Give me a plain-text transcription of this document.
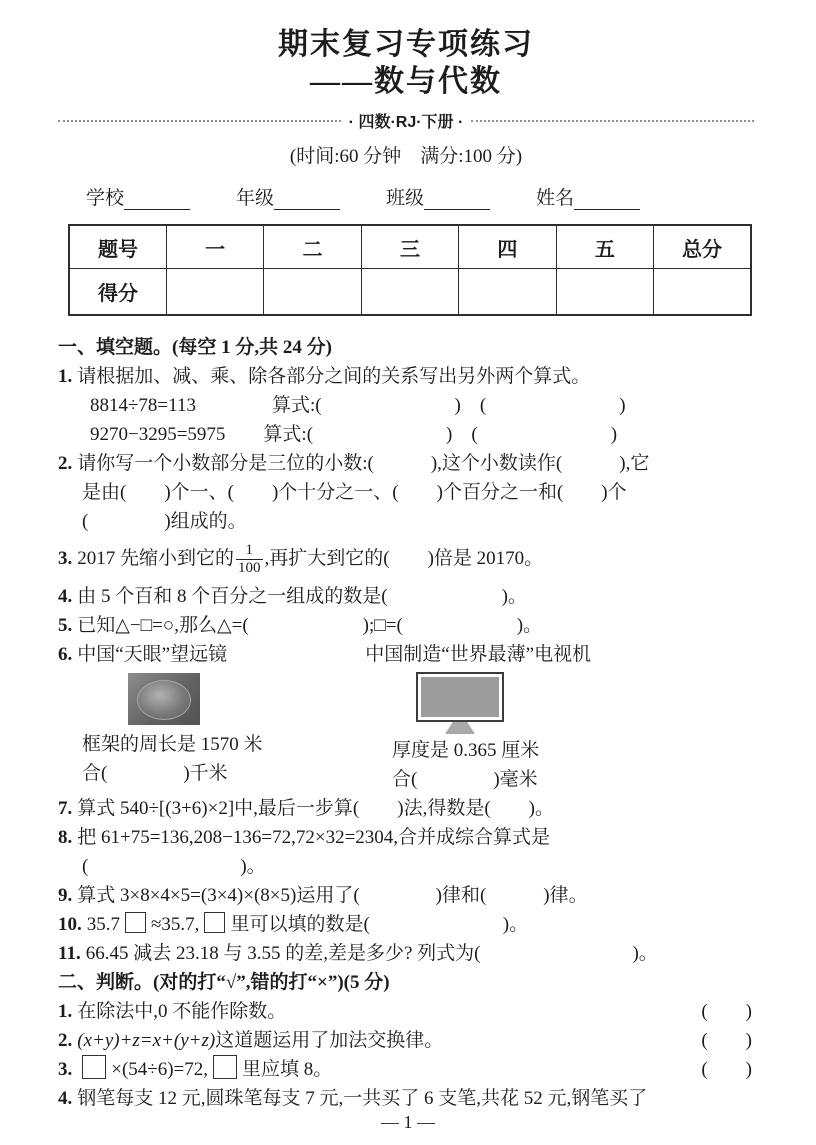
期末复习专项练习
——数与代数
· 四数·RJ·下册 ·
(时间:60 分钟　满分:100 分)
学校	年级	班级	姓名
题号	一	二	三	四	五	总分
得分						
一、填空题。(每空 1 分,共 24 分)
1. 请根据加、减、乘、除各部分之间的关系写出另外两个算式。
8814÷78=113　　　　算式:(　　　　　　　)　(　　　　　　　)
9270−3295=5975　　算式:(　　　　　　　)　(　　　　　　　)
2. 请你写一个小数部分是三位的小数:(　　　),这个小数读作(　　　),它
是由(　　)个一、(　　)个十分之一、(　　)个百分之一和(　　)个
(　　　　)组成的。
3. 2017 先缩小到它的 $\frac{1}{100}$ ,再扩大到它的(　　)倍是 20170。
4. 由 5 个百和 8 个百分之一组成的数是(　　　　　　)。
5. 已知△−□=○,那么△=(　　　　　　);□=(　　　　　　)。
6. 中国“天眼”望远镜	中国制造“世界最薄”电视机
框架的周长是 1570 米
合(　　　　)千米
厚度是 0.365 厘米
合(　　　　)毫米
7. 算式 540÷[(3+6)×2]中,最后一步算(　　)法,得数是(　　)。
8. 把 61+75=136,208−136=72,72×32=2304,合并成综合算式是
(　　　　　　　　)。
9. 算式 3×8×4×5=(3×4)×(8×5)运用了(　　　　)律和(　　　)律。
10. 35.7 ≈35.7, 里可以填的数是(　　　　　　　)。
11. 66.45 减去 23.18 与 3.55 的差,差是多少? 列式为(　　　　　　　　)。
二、判断。(对的打“√”,错的打“×”)(5 分)
1. 在除法中,0 不能作除数。	(　　)
2. (x+y)+z=x+(y+z)这道题运用了加法交换律。	(　　)
3. ×(54÷6)=72, 里应填 8。	(　　)
4. 钢笔每支 12 元,圆珠笔每支 7 元,一共买了 6 支笔,共花 52 元,钢笔买了
— 1 —
